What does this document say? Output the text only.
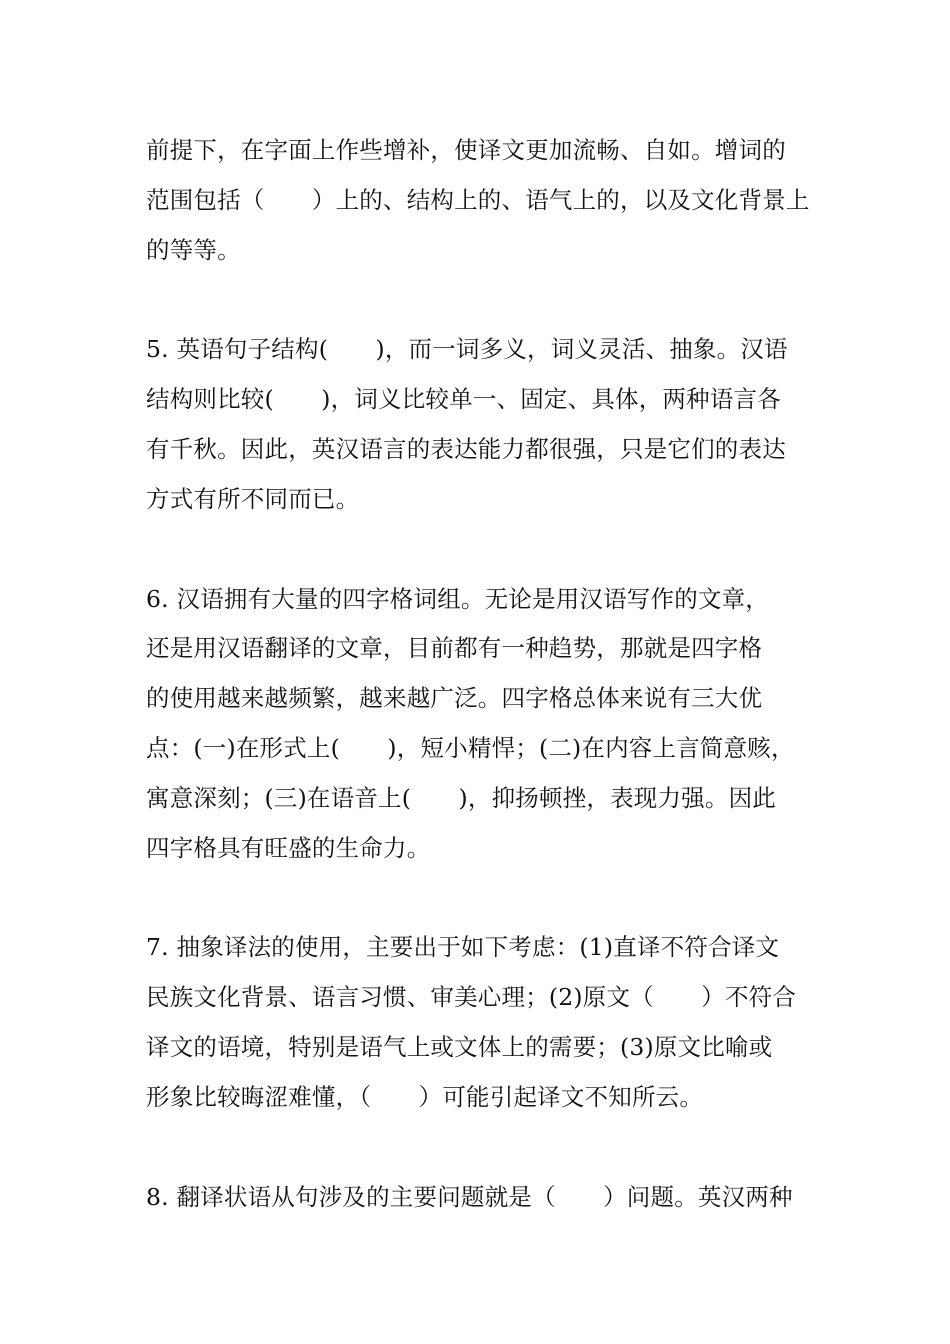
前提下，在字面上作些增补，使译文更加流畅、自如。增词的
范围包括（　　）上的、结构上的、语气上的，以及文化背景上
的等等。
5. 英语句子结构(　　)，而一词多义，词义灵活、抽象。汉语
结构则比较(　　)，词义比较单一、固定、具体，两种语言各
有千秋。因此，英汉语言的表达能力都很强，只是它们的表达
方式有所不同而已。
6. 汉语拥有大量的四字格词组。无论是用汉语写作的文章，
还是用汉语翻译的文章，目前都有一种趋势，那就是四字格
的使用越来越频繁，越来越广泛。四字格总体来说有三大优
点：(一)在形式上(　　)，短小精悍；(二)在内容上言简意赅，
寓意深刻；(三)在语音上(　　)，抑扬顿挫，表现力强。因此
四字格具有旺盛的生命力。
7. 抽象译法的使用，主要出于如下考虑：(1)直译不符合译文
民族文化背景、语言习惯、审美心理；(2)原文（　　）不符合
译文的语境，特别是语气上或文体上的需要；(3)原文比喻或
形象比较晦涩难懂，（　　）可能引起译文不知所云。
8. 翻译状语从句涉及的主要问题就是（　　）问题。英汉两种
